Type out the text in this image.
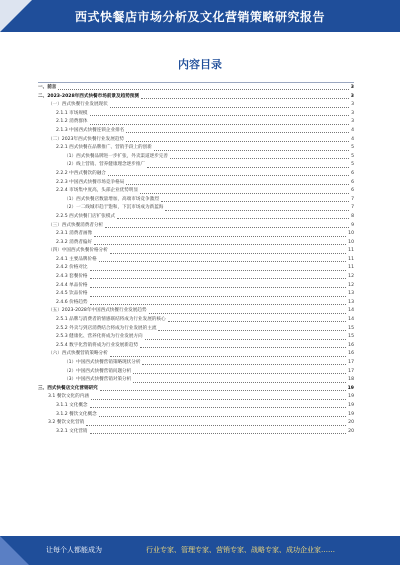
西式快餐店市场分析及文化营销策略研究报告
内容目录
一、前言	3
二、2023-2028年西式快餐市场前景及趋势预测	3
（一）西式快餐行业发展现状	3
2.1.1 市场规模	3
2.1.2 消费群体	3
2.1.3 中国西式快餐连锁企业排名	4
（二）2023年西式快餐行业发展趋势	4
2.2.1 西式快餐在品牌推广、营销手段上的创新	5
（1）西式快餐品牌进一步扩张，外卖渠道逐步完善	5
（2）线上营销、营养健康理念逐步推广	5
2.2.2 中西式餐饮的融合	6
2.2.3 中国西式快餐市场竞争格局	6
2.2.4 市场集中度高，头部企业优势明显	6
（1）西式快餐店数量增加，高端市场竞争激烈	7
（2）一二线城市趋于饱和，下沉市场成为新蓝海	7
2.2.5 西式快餐门店扩张模式	8
（三）西式快餐消费者分析	9
2.3.1 消费者画像	10
2.3.2 消费者偏好	10
（四）中国西式快餐价格分析	11
2.4.1 主要品牌价格	11
2.4.2 价格对比	11
2.4.3 套餐价格	12
2.4.4 单品价格	12
2.4.5 饮品价格	13
2.4.6 价格趋势	13
（五）2023-2028年中国西式快餐行业发展趋势	14
2.5.1 品牌与消费者的情感联结将成为行业发展的核心	14
2.5.2 外卖与到店消费结合将成为行业发展的主流	15
2.5.3 健康化、营养化将成为行业发展方向	15
2.5.4 数字化营销将成为行业发展新趋势	16
（六）西式快餐营销策略分析	16
（1）中国西式快餐营销策略现状分析	17
（2）中国西式快餐营销问题分析	17
（3）中国西式快餐营销对策分析	18
三、西式快餐店文化营销研究	19
3.1 餐饮文化的内涵	19
3.1.1 文化概念	19
3.1.2 餐饮文化概念	19
3.2 餐饮文化营销	20
3.2.1 文化营销	20
让每个人都能成为	行业专家、管理专家、营销专家、战略专家、成功企业家……
